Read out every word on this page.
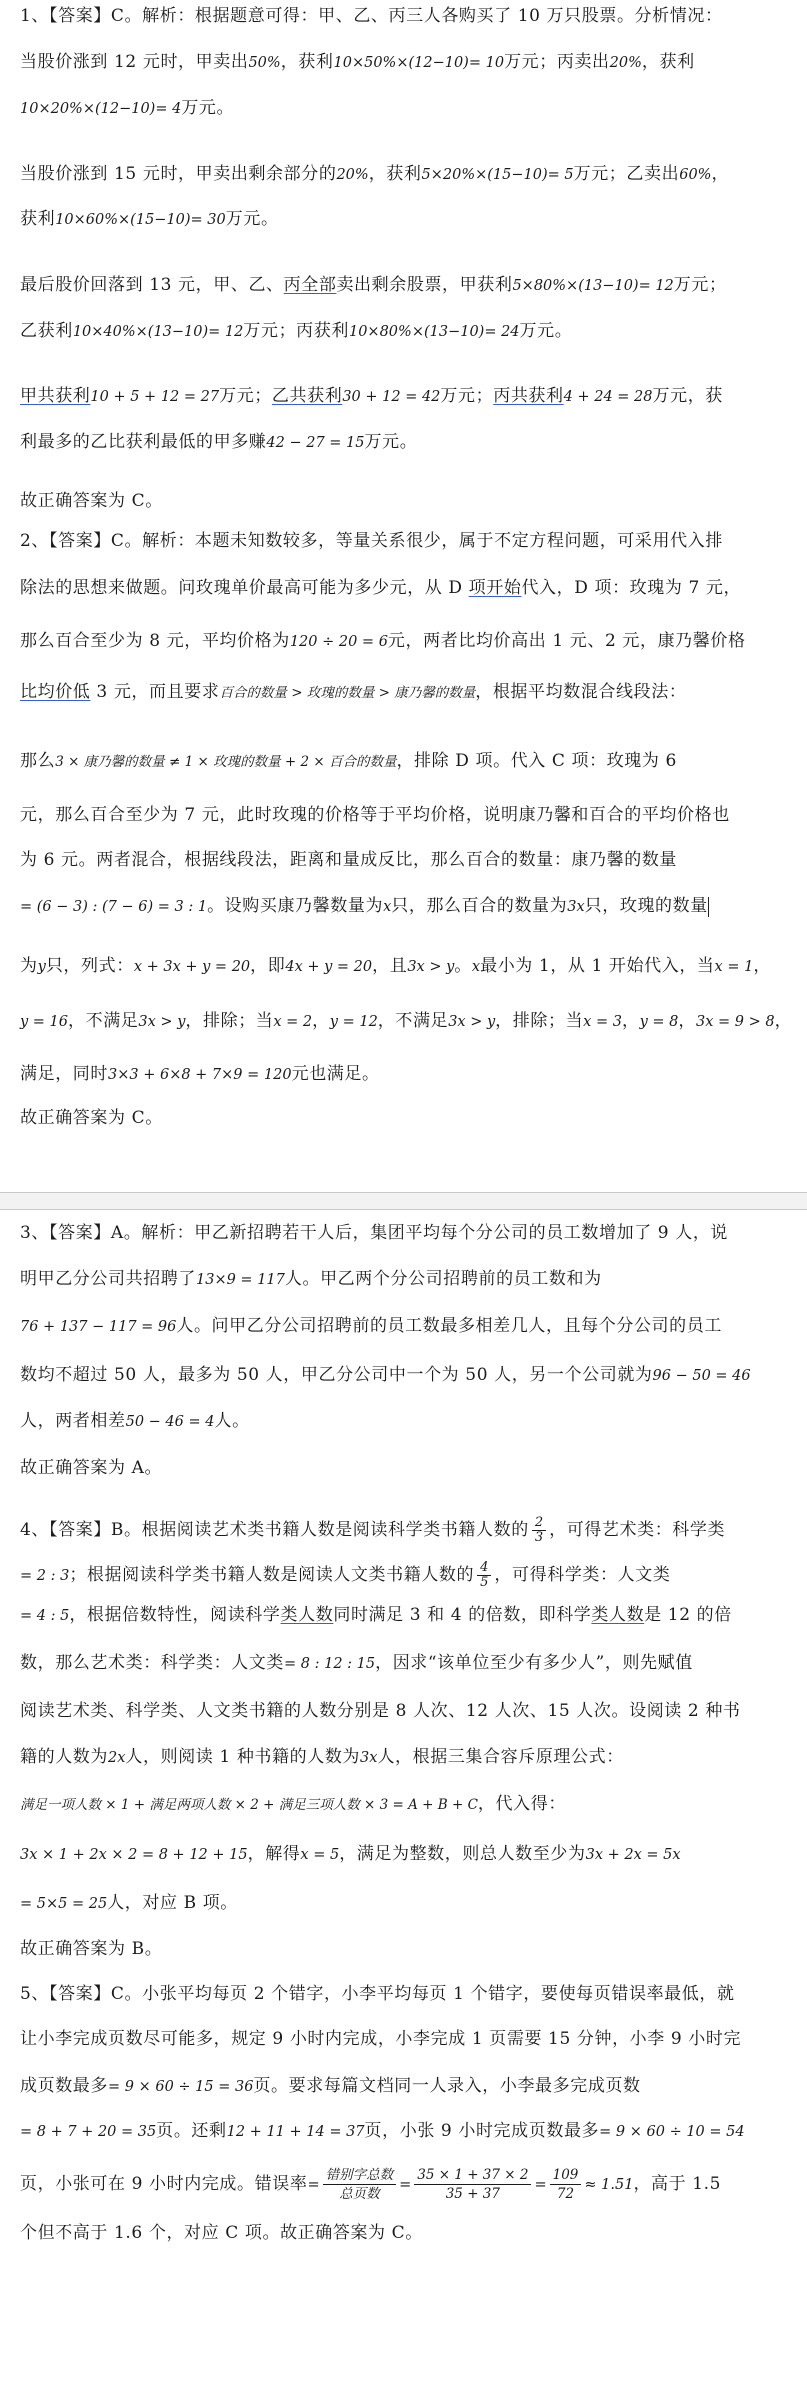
1、【答案】C。解析：根据题意可得：甲、乙、丙三人各购买了 10 万只股票。分析情况：
当股价涨到 12 元时，甲卖出50%，获利10×50%×(12−10)= 10万元；丙卖出20%，获利
10×20%×(12−10)= 4万元。
当股价涨到 15 元时，甲卖出剩余部分的20%，获利5×20%×(15−10)= 5万元；乙卖出60%，
获利10×60%×(15−10)= 30万元。
最后股价回落到 13 元，甲、乙、丙全部卖出剩余股票，甲获利5×80%×(13−10)= 12万元；
乙获利10×40%×(13−10)= 12万元；丙获利10×80%×(13−10)= 24万元。
甲共获利10 + 5 + 12 = 27万元；乙共获利30 + 12 = 42万元；丙共获利4 + 24 = 28万元，获
利最多的乙比获利最低的甲多赚42 − 27 = 15万元。
故正确答案为 C。
2、【答案】C。解析：本题未知数较多，等量关系很少，属于不定方程问题，可采用代入排
除法的思想来做题。问玫瑰单价最高可能为多少元，从 D 项开始代入，D 项：玫瑰为 7 元，
那么百合至少为 8 元，平均价格为120 ÷ 20 = 6元，两者比均价高出 1 元、2 元，康乃馨价格
比均价低 3 元，而且要求百合的数量 > 玫瑰的数量 > 康乃馨的数量，根据平均数混合线段法：
那么3 × 康乃馨的数量 ≠ 1 × 玫瑰的数量 + 2 × 百合的数量，排除 D 项。代入 C 项：玫瑰为 6
元，那么百合至少为 7 元，此时玫瑰的价格等于平均价格，说明康乃馨和百合的平均价格也
为 6 元。两者混合，根据线段法，距离和量成反比，那么百合的数量：康乃馨的数量
= (6 − 3) : (7 − 6) = 3 : 1。设购买康乃馨数量为x只，那么百合的数量为3x只，玫瑰的数量
为y只，列式：x + 3x + y = 20，即4x + y = 20，且3x > y。x最小为 1，从 1 开始代入，当x = 1，
y = 16，不满足3x > y，排除；当x = 2，y = 12，不满足3x > y，排除；当x = 3，y = 8，3x = 9 > 8，
满足，同时3×3 + 6×8 + 7×9 = 120元也满足。
故正确答案为 C。
3、【答案】A。解析：甲乙新招聘若干人后，集团平均每个分公司的员工数增加了 9 人，说
明甲乙分公司共招聘了13×9 = 117人。甲乙两个分公司招聘前的员工数和为
76 + 137 − 117 = 96人。问甲乙分公司招聘前的员工数最多相差几人，且每个分公司的员工
数均不超过 50 人，最多为 50 人，甲乙分公司中一个为 50 人，另一个公司就为96 − 50 = 46
人，两者相差50 − 46 = 4人。
故正确答案为 A。
4、【答案】B。根据阅读艺术类书籍人数是阅读科学类书籍人数的 $\frac{2}{3}$ ，可得艺术类：科学类
= 2 : 3；根据阅读科学类书籍人数是阅读人文类书籍人数的 $\frac{4}{5}$ ，可得科学类：人文类
= 4 : 5，根据倍数特性，阅读科学类人数同时满足 3 和 4 的倍数，即科学类人数是 12 的倍
数，那么艺术类：科学类：人文类= 8 : 12 : 15，因求“该单位至少有多少人”，则先赋值
阅读艺术类、科学类、人文类书籍的人数分别是 8 人次、12 人次、15 人次。设阅读 2 种书
籍的人数为2x人，则阅读 1 种书籍的人数为3x人，根据三集合容斥原理公式：
满足一项人数 × 1 + 满足两项人数 × 2 + 满足三项人数 × 3 = A + B + C，代入得：
3x × 1 + 2x × 2 = 8 + 12 + 15，解得x = 5，满足为整数，则总人数至少为3x + 2x = 5x
= 5×5 = 25人，对应 B 项。
故正确答案为 B。
5、【答案】C。小张平均每页 2 个错字，小李平均每页 1 个错字，要使每页错误率最低，就
让小李完成页数尽可能多，规定 9 小时内完成，小李完成 1 页需要 15 分钟，小李 9 小时完
成页数最多= 9 × 60 ÷ 15 = 36页。要求每篇文档同一人录入，小李最多完成页数
= 8 + 7 + 20 = 35页。还剩12 + 11 + 14 = 37页，小张 9 小时完成页数最多= 9 × 60 ÷ 10 = 54
页，小张可在 9 小时内完成。错误率= $\frac{\text{错别字总数}}{\text{总页数}} = \frac{35 \times 1 + 37 \times 2}{35 + 37} = \frac{109}{72} \approx 1.51$，高于 1.5
个但不高于 1.6 个，对应 C 项。故正确答案为 C。
